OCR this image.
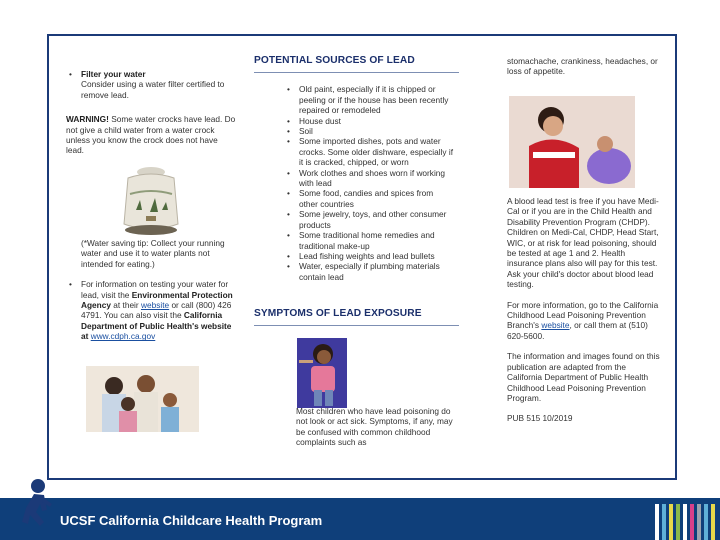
• Filter your water
Consider using a water filter certified to remove lead.
WARNING! Some water crocks have lead. Do not give a child water from a water crock unless you know the crock does not have lead.
(*Water saving tip: Collect your running water and use it to water plants not intended for eating.)
• For information on testing your water for lead, visit the Environmental Protection Agency at their website or call (800) 426 4791. You can also visit the California Department of Public Health's website at www.cdph.ca.gov
POTENTIAL SOURCES OF LEAD
• Old paint, especially if it is chipped or peeling or if the house has been recently repaired or remodeled
• House dust
• Soil
• Some imported dishes, pots and water crocks. Some older dishware, especially if it is cracked, chipped, or worn
• Work clothes and shoes worn if working with lead
• Some food, candies and spices from other countries
• Some jewelry, toys, and other consumer products
• Some traditional home remedies and traditional make-up
• Lead fishing weights and lead bullets
• Water, especially if plumbing materials contain lead
SYMPTOMS OF LEAD EXPOSURE
Most children who have lead poisoning do not look or act sick. Symptoms, if any, may be confused with common childhood complaints such as
stomachache, crankiness, headaches, or loss of appetite.
A blood lead test is free if you have Medi-Cal or if you are in the Child Health and Disability Prevention Program (CHDP). Children on Medi-Cal, CHDP, Head Start, WIC, or at risk for lead poisoning, should be tested at age 1 and 2. Health insurance plans also will pay for this test. Ask your child's doctor about blood lead testing.
For more information, go to the California Childhood Lead Poisoning Prevention Branch's website, or call them at (510) 620-5600.
The information and images found on this publication are adapted from the California Department of Public Health Childhood Lead Poisoning Prevention Program.
PUB 515 10/2019
UCSF California Childcare Health Program
